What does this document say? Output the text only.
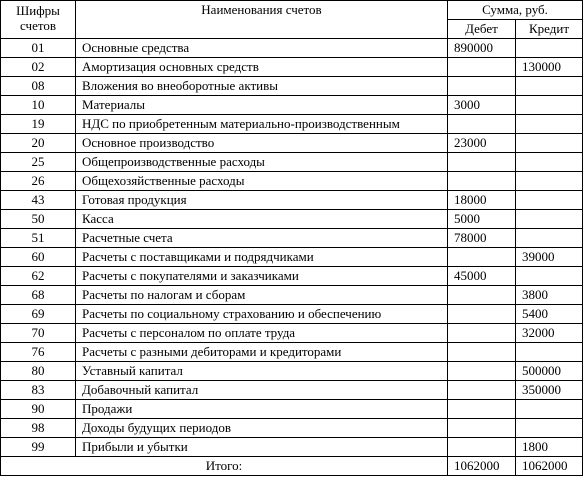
Шифры счетов	Наименования счетов	Сумма, руб.	
		Дебет	Кредит
01	Основные средства	890000	
02	Амортизация основных средств		130000
08	Вложения во внеоборотные активы		
10	Материалы	3000	
19	НДС по приобретенным материально-производственным		
20	Основное производство	23000	
25	Общепроизводственные расходы		
26	Общехозяйственные расходы		
43	Готовая продукция	18000	
50	Касса	5000	
51	Расчетные счета	78000	
60	Расчеты с поставщиками и подрядчиками		39000
62	Расчеты с покупателями и заказчиками	45000	
68	Расчеты по налогам и сборам		3800
69	Расчеты по социальному страхованию и обеспечению		5400
70	Расчеты с персоналом по оплате труда		32000
76	Расчеты с разными дебиторами и кредиторами		
80	Уставный капитал		500000
83	Добавочный капитал		350000
90	Продажи		
98	Доходы будущих периодов		
99	Прибыли и убытки		1800
Итого:		1062000	1062000
